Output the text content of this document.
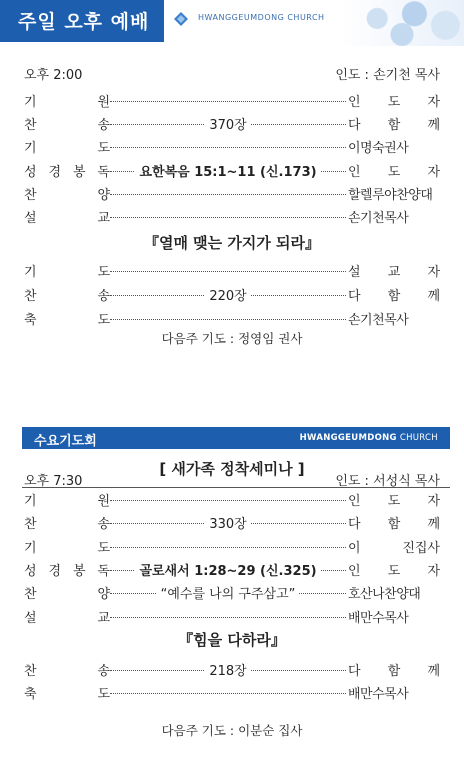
주일 오후 예배	HWANGGEUMDONG CHURCH
오후 2:00	인도 : 손기천 목사
기	원	인 도 자
찬	송	370장	다 함 께
기	도	이명숙권사
성 경 봉 독	요한복음 15:1~11 (신.173)	인 도 자
찬	양	할렐루야찬양대
설	교	손기천목사
『열매 맺는 가지가 되라』
기	도	설 교 자
찬	송	220장	다 함 께
축	도	손기천목사
다음주 기도 : 정영임 권사
수요기도회	HWANGGEUMDONG CHURCH
[ 새가족 정착세미나 ]
오후 7:30	인도 : 서성식 목사
기	원	인 도 자
찬	송	330장	다 함 께
기	도	이	진집사
성 경 봉 독	골로새서 1:28~29 (신.325)	인 도 자
찬	양	“예수를 나의 구주삼고”	호산나찬양대
설	교	배만수목사
『힘을 다하라』
찬	송	218장	다 함 께
축	도	배만수목사
다음주 기도 : 이분순 집사
